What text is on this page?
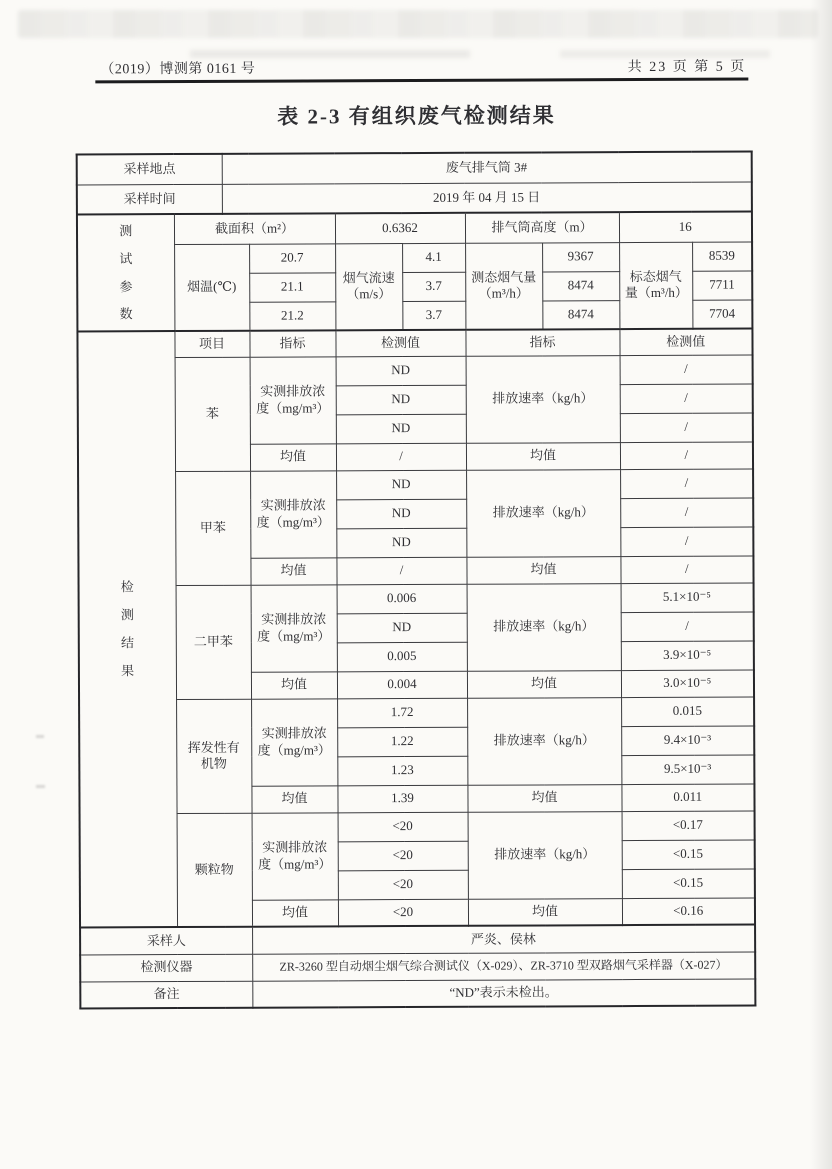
（2019）博测第 0161 号	共 23 页 第 5 页
表 2-3 有组织废气检测结果
采样地点		废气排气筒 3#							
采样时间		2019 年 04 月 15 日							
测试参数	截面积（m²）			0.6362		排气筒高度（m）		16	
	烟温(℃)		20.7	烟气流速（m/s）	4.1	测态烟气量（m³/h）	9367	标态烟气量（m³/h）	8539
			21.1		3.7		8474		7711
			21.2		3.7		8474		7704
检测结果	项目		指标	检测值		指标		检测值	
	苯		实测排放浓度（mg/m³）	ND		排放速率（kg/h）		/	
				ND				/	
				ND				/	
			均值	/		均值		/	
	甲苯		实测排放浓度（mg/m³）	ND		排放速率（kg/h）		/	
				ND				/	
				ND				/	
			均值	/		均值		/	
	二甲苯		实测排放浓度（mg/m³）	0.006		排放速率（kg/h）		5.1×10⁻⁵	
				ND				/	
				0.005				3.9×10⁻⁵	
			均值	0.004		均值		3.0×10⁻⁵	
	挥发性有机物		实测排放浓度（mg/m³）	1.72		排放速率（kg/h）		0.015	
				1.22				9.4×10⁻³	
				1.23				9.5×10⁻³	
			均值	1.39		均值		0.011	
	颗粒物		实测排放浓度（mg/m³）	<20		排放速率（kg/h）		<0.17	
				<20				<0.15	
				<20				<0.15	
			均值	<20		均值		<0.16	
采样人			严炎、侯林						
检测仪器			ZR-3260 型自动烟尘烟气综合测试仪（X-029）、ZR-3710 型双路烟气采样器（X-027）						
备注			“ND”表示未检出。						
